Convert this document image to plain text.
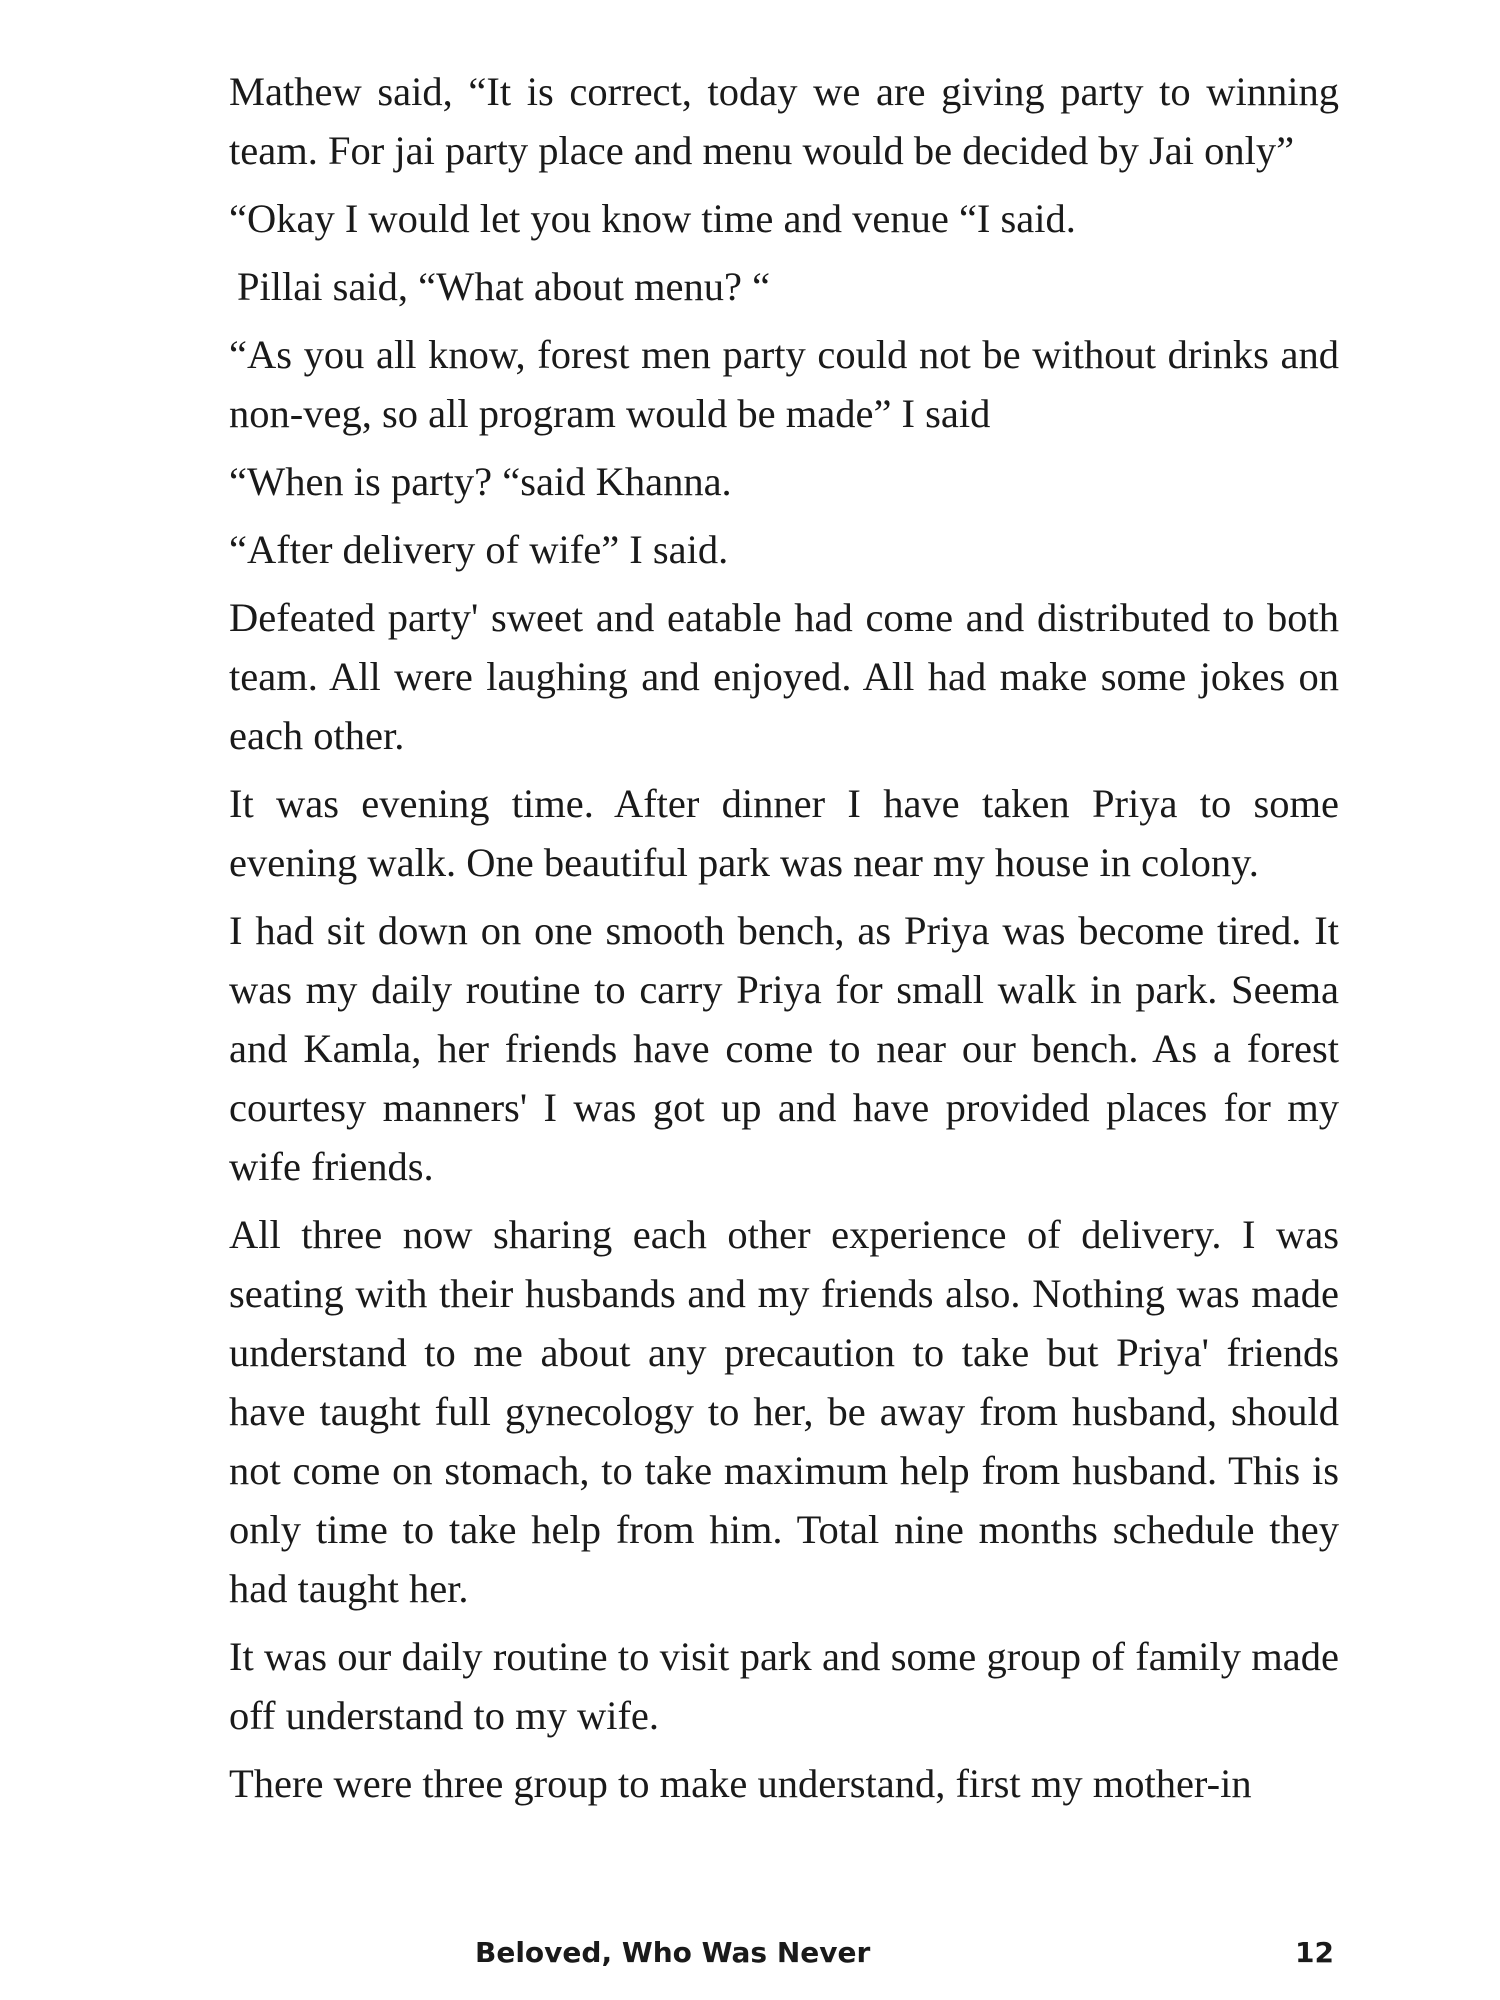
Mathew said, “It is correct, today we are giving party to winning team. For jai party place and menu would be decided by Jai only”

“Okay I would let you know time and venue “I said.

Pillai said, “What about menu? “

“As you all know, forest men party could not be without drinks and non-veg, so all program would be made” I said

“When is party? “said Khanna.

“After delivery of wife” I said.

Defeated party' sweet and eatable had come and distributed to both team. All were laughing and enjoyed. All had make some jokes on each other.

It was evening time. After dinner I have taken Priya to some evening walk. One beautiful park was near my house in colony.

I had sit down on one smooth bench, as Priya was become tired. It was my daily routine to carry Priya for small walk in park. Seema and Kamla, her friends have come to near our bench. As a forest courtesy manners' I was got up and have provided places for my wife friends.

All three now sharing each other experience of delivery. I was seating with their husbands and my friends also. Nothing was made understand to me about any precaution to take but Priya' friends have taught full gynecology to her, be away from husband, should not come on stomach, to take maximum help from husband. This is only time to take help from him. Total nine months schedule they had taught her.

It was our daily routine to visit park and some group of family made off understand to my wife.

There were three group to make understand, first my mother-in

Beloved, Who Was Never	12
